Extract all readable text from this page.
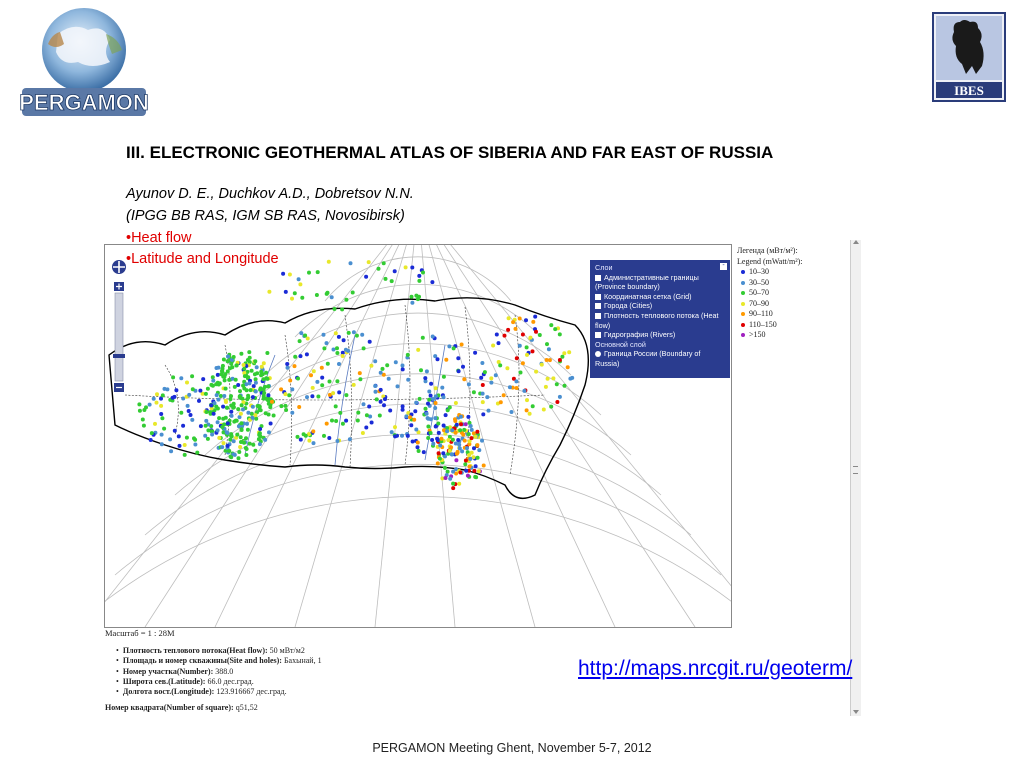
PERGAMON	IBES
III. ELECTRONIC GEOTHERMAL ATLAS OF SIBERIA AND FAR EAST OF RUSSIA
Ayunov D. E., Duchkov A.D., Dobretsov N.N.
(IPGG BB RAS, IGM SB RAS, Novosibirsk)
•Heat flow
•Latitude and Longitude	-
Слои
Административные границы (Province boundary)
Координатная сетка (Grid)
Города (Cities)
Плотность теплового потока (Heat flow)
Гидрография (Rivers)
Основной слой
Граница России (Boundary of Russia)
Легенда (мВт/м²):
Legend (mWatt/m²):
10–30
30–50
50–70
70–90
90–110
110–150
>150
Масштаб = 1 : 28M
•  Плотность теплового потока(Heat flow): 50 мВт/м2
•  Площадь и номер скважины(Site and holes): Бахынай, 1
•  Номер участка(Number): 388.0
•  Широта сев.(Latitude): 66.0 дес.град.
•  Долгота вост.(Longitude): 123.916667 дес.град.
Номер квадрата(Number of square): q51,52
http://maps.nrcgit.ru/geoterm/
PERGAMON Meeting Ghent, November 5-7, 2012
